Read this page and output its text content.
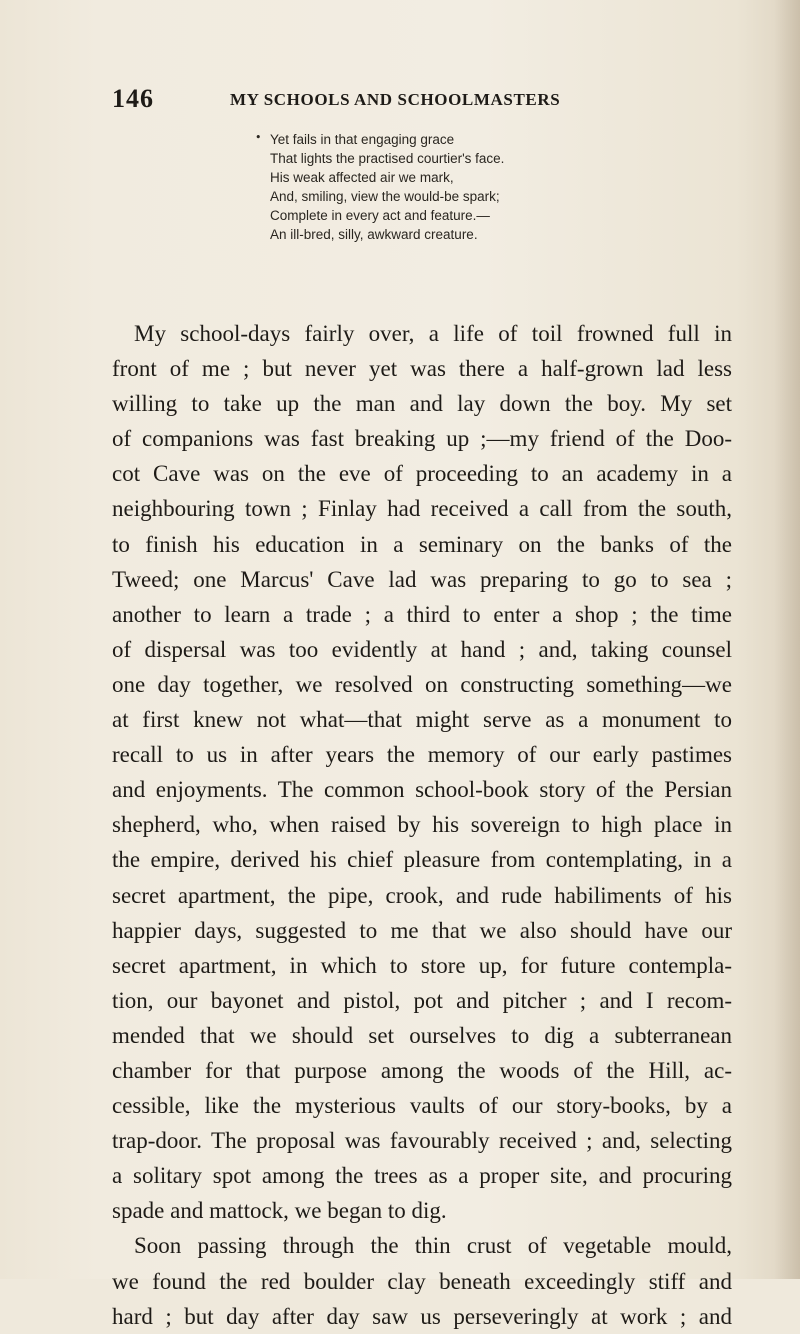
146	MY SCHOOLS AND SCHOOLMASTERS
• Yet fails in that engaging grace
That lights the practised courtier's face.
His weak affected air we mark,
And, smiling, view the would-be spark;
Complete in every act and feature.—
An ill-bred, silly, awkward creature.
My school-days fairly over, a life of toil frowned full in
front of me ; but never yet was there a half-grown lad less
willing to take up the man and lay down the boy. My set
of companions was fast breaking up ;—my friend of the Doo-
cot Cave was on the eve of proceeding to an academy in a
neighbouring town ; Finlay had received a call from the south,
to finish his education in a seminary on the banks of the
Tweed; one Marcus' Cave lad was preparing to go to sea ;
another to learn a trade ; a third to enter a shop ; the time
of dispersal was too evidently at hand ; and, taking counsel
one day together, we resolved on constructing something—we
at first knew not what—that might serve as a monument to
recall to us in after years the memory of our early pastimes
and enjoyments. The common school-book story of the Persian
shepherd, who, when raised by his sovereign to high place in
the empire, derived his chief pleasure from contemplating, in a
secret apartment, the pipe, crook, and rude habiliments of his
happier days, suggested to me that we also should have our
secret apartment, in which to store up, for future contempla-
tion, our bayonet and pistol, pot and pitcher ; and I recom-
mended that we should set ourselves to dig a subterranean
chamber for that purpose among the woods of the Hill, ac-
cessible, like the mysterious vaults of our story-books, by a
trap-door. The proposal was favourably received ; and, selecting
a solitary spot among the trees as a proper site, and procuring
spade and mattock, we began to dig.
Soon passing through the thin crust of vegetable mould,
we found the red boulder clay beneath exceedingly stiff and
hard ; but day after day saw us perseveringly at work ; and
